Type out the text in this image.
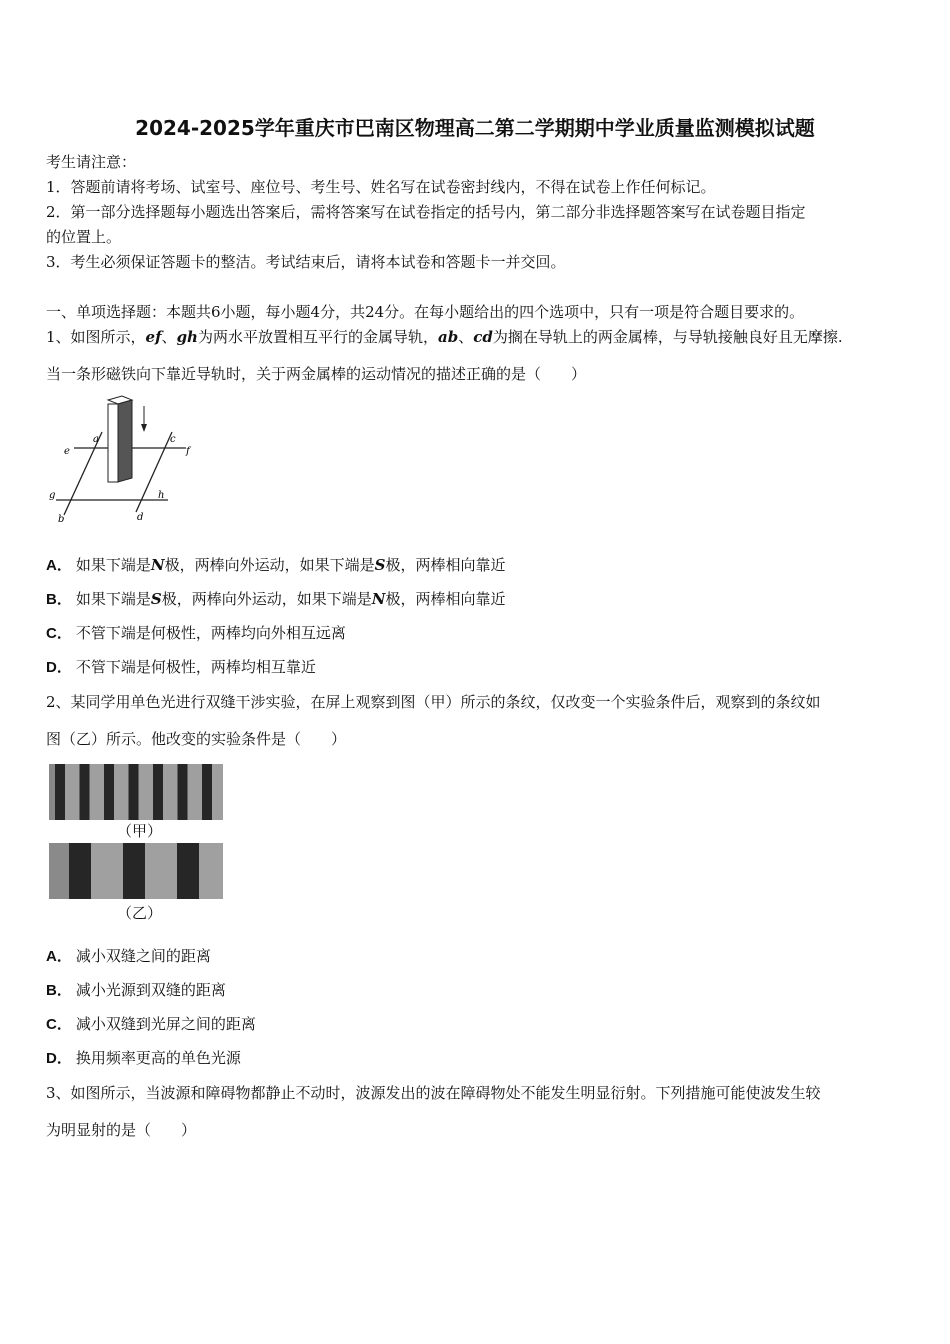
2024-2025学年重庆市巴南区物理高二第二学期期中学业质量监测模拟试题
考生请注意：
1．答题前请将考场、试室号、座位号、考生号、姓名写在试卷密封线内，不得在试卷上作任何标记。
2．第一部分选择题每小题选出答案后，需将答案写在试卷指定的括号内，第二部分非选择题答案写在试卷题目指定
的位置上。
3．考生必须保证答题卡的整洁。考试结束后，请将本试卷和答题卡一并交回。
一、单项选择题：本题共6小题，每小题4分，共24分。在每小题给出的四个选项中，只有一项是符合题目要求的。
1、如图所示，ef、gh为两水平放置相互平行的金属导轨，ab、cd为搁在导轨上的两金属棒，与导轨接触良好且无摩擦.
当一条形磁铁向下靠近导轨时，关于两金属棒的运动情况的描述正确的是（　　）
e
a	c
f
g	h
b	d
A． 如果下端是N极，两棒向外运动，如果下端是S极，两棒相向靠近
B． 如果下端是S极，两棒向外运动，如果下端是N极，两棒相向靠近
C． 不管下端是何极性，两棒均向外相互远离
D． 不管下端是何极性，两棒均相互靠近
2、某同学用单色光进行双缝干涉实验，在屏上观察到图（甲）所示的条纹，仅改变一个实验条件后，观察到的条纹如
图（乙）所示。他改变的实验条件是（　　）
（甲）
（乙）
A． 减小双缝之间的距离
B． 减小光源到双缝的距离
C． 减小双缝到光屏之间的距离
D． 换用频率更高的单色光源
3、如图所示，当波源和障碍物都静止不动时，波源发出的波在障碍物处不能发生明显衍射。下列措施可能使波发生较
为明显射的是（　　）
